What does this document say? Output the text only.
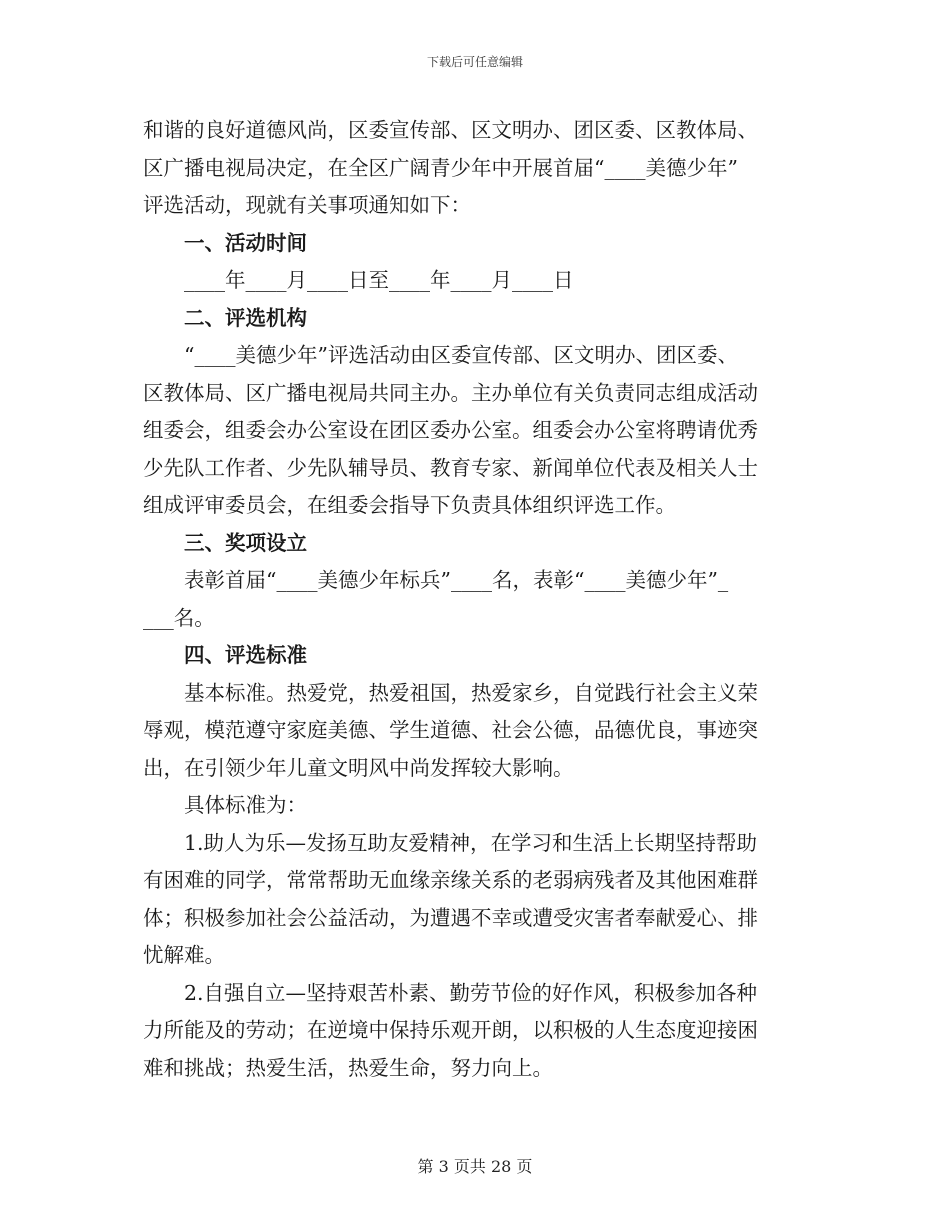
下载后可任意编辑

和谐的良好道德风尚，区委宣传部、区文明办、团区委、区教体局、

区广播电视局决定，在全区广阔青少年中开展首届“____美德少年”

评选活动，现就有关事项通知如下：

一、活动时间

____年____月____日至____年____月____日

二、评选机构

“____美德少年”评选活动由区委宣传部、区文明办、团区委、

区教体局、区广播电视局共同主办。主办单位有关负责同志组成活动

组委会，组委会办公室设在团区委办公室。组委会办公室将聘请优秀

少先队工作者、少先队辅导员、教育专家、新闻单位代表及相关人士

组成评审委员会，在组委会指导下负责具体组织评选工作。

三、奖项设立

表彰首届“____美德少年标兵”____名，表彰“____美德少年”_

___名。

四、评选标准

基本标准。热爱党，热爱祖国，热爱家乡，自觉践行社会主义荣

辱观，模范遵守家庭美德、学生道德、社会公德，品德优良，事迹突

出，在引领少年儿童文明风中尚发挥较大影响。

具体标准为：

1.助人为乐—发扬互助友爱精神，在学习和生活上长期坚持帮助

有困难的同学，常常帮助无血缘亲缘关系的老弱病残者及其他困难群

体；积极参加社会公益活动，为遭遇不幸或遭受灾害者奉献爱心、排

忧解难。

2.自强自立—坚持艰苦朴素、勤劳节俭的好作风，积极参加各种

力所能及的劳动；在逆境中保持乐观开朗，以积极的人生态度迎接困

难和挑战；热爱生活，热爱生命，努力向上。

第 3 页共 28 页
